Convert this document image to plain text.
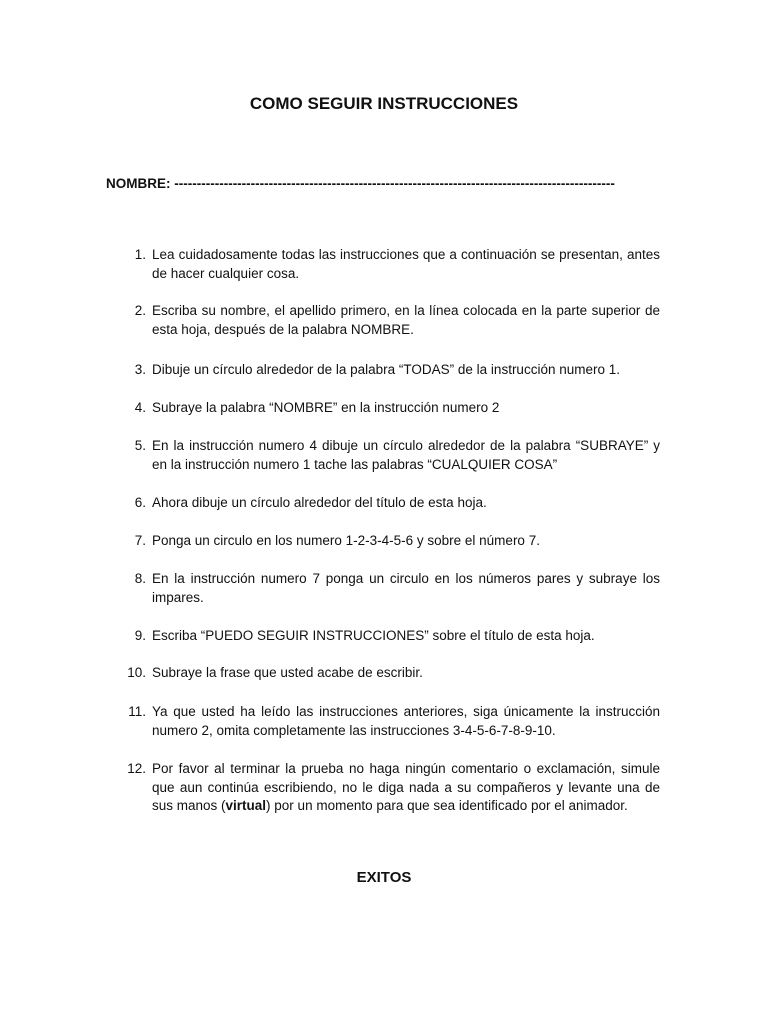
COMO SEGUIR INSTRUCCIONES
NOMBRE: --------------------------------------------------------------------------------------------------
1. Lea cuidadosamente todas las instrucciones que a continuación se presentan, antes de hacer cualquier cosa.
2. Escriba su nombre, el apellido primero, en la línea colocada en la parte superior de esta hoja, después de la palabra NOMBRE.
3. Dibuje un círculo alrededor de la palabra “TODAS” de la instrucción numero 1.
4. Subraye la palabra “NOMBRE” en la instrucción numero 2
5. En la instrucción numero 4 dibuje un círculo alrededor de la palabra “SUBRAYE” y en la instrucción numero 1 tache las palabras “CUALQUIER COSA”
6. Ahora dibuje un círculo alrededor del título de esta hoja.
7. Ponga un circulo en los numero 1-2-3-4-5-6 y sobre el número 7.
8. En la instrucción numero 7 ponga un circulo en los números pares y subraye los impares.
9. Escriba “PUEDO SEGUIR INSTRUCCIONES” sobre el título de esta hoja.
10. Subraye la frase que usted acabe de escribir.
11. Ya que usted ha leído las instrucciones anteriores, siga únicamente la instrucción numero 2, omita completamente las instrucciones 3-4-5-6-7-8-9-10.
12. Por favor al terminar la prueba no haga ningún comentario o exclamación, simule que aun continúa escribiendo, no le diga nada a su compañeros y levante una de sus manos (virtual) por un momento para que sea identificado por el animador.
EXITOS
